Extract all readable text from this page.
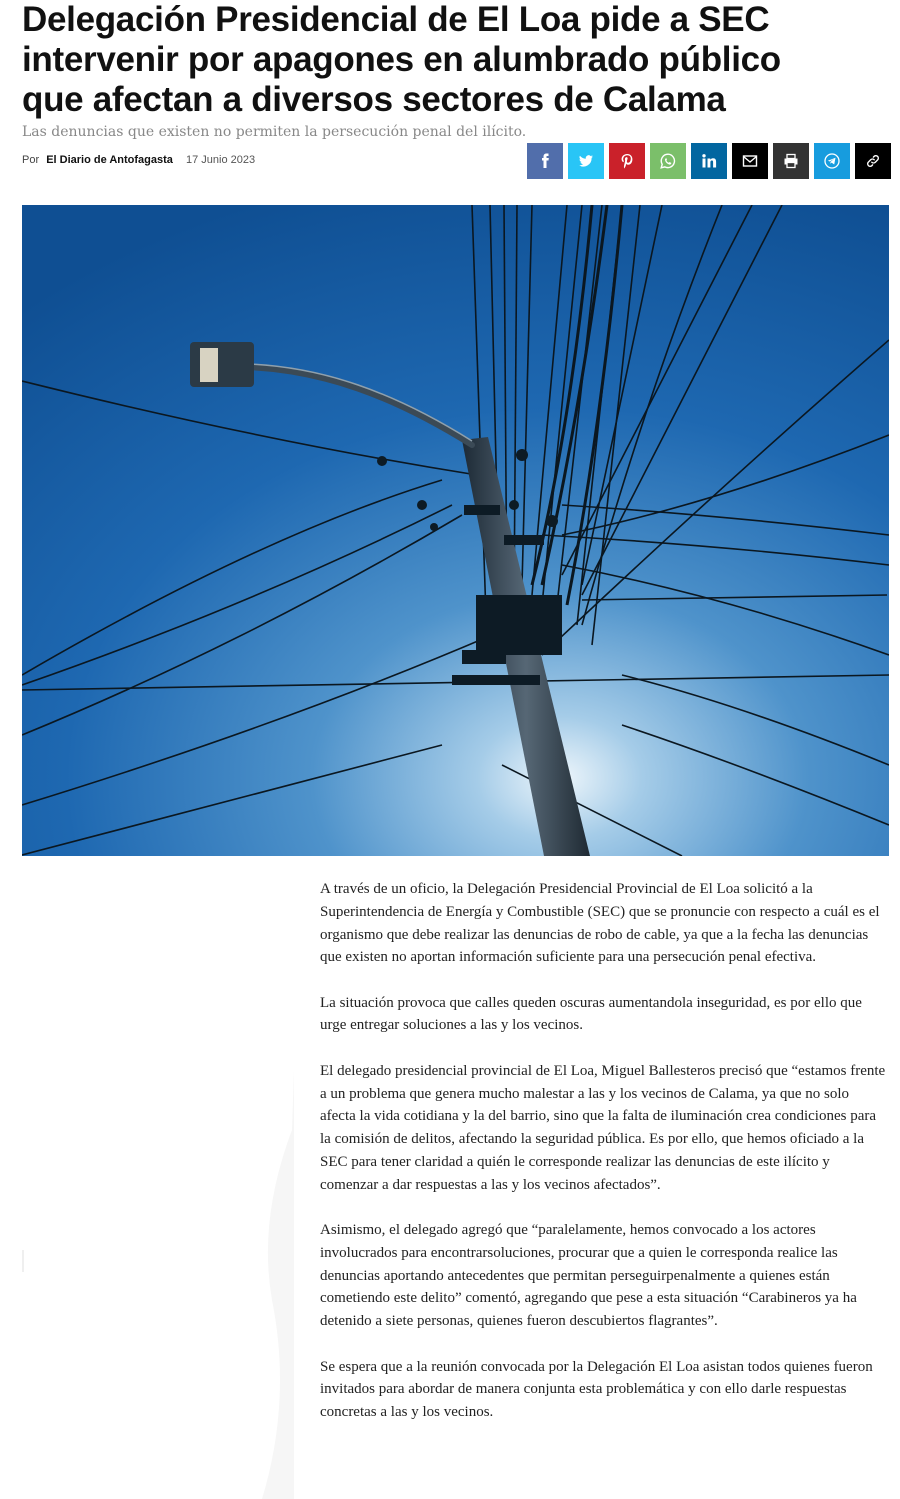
Delegación Presidencial de El Loa pide a SEC intervenir por apagones en alumbrado público que afectan a diversos sectores de Calama

Las denuncias que existen no permiten la persecución penal del ilícito.

Por El Diario de Antofagasta 17 Junio 2023

A través de un oficio, la Delegación Presidencial Provincial de El Loa solicitó a la Superintendencia de Energía y Combustible (SEC) que se pronuncie con respecto a cuál es el organismo que debe realizar las denuncias de robo de cable, ya que a la fecha las denuncias que existen no aportan información suficiente para una persecución penal efectiva.

La situación provoca que calles queden oscuras aumentandola inseguridad, es por ello que urge entregar soluciones a las y los vecinos.

El delegado presidencial provincial de El Loa, Miguel Ballesteros precisó que “estamos frente a un problema que genera mucho malestar a las y los vecinos de Calama, ya que no solo afecta la vida cotidiana y la del barrio, sino que la falta de iluminación crea condiciones para la comisión de delitos, afectando la seguridad pública. Es por ello, que hemos oficiado a la SEC para tener claridad a quién le corresponde realizar las denuncias de este ilícito y comenzar a dar respuestas a las y los vecinos afectados”.

Asimismo, el delegado agregó que “paralelamente, hemos convocado a los actores involucrados para encontrarsoluciones, procurar que a quien le corresponda realice las denuncias aportando antecedentes que permitan perseguirpenalmente a quienes están cometiendo este delito” comentó, agregando que pese a esta situación “Carabineros ya ha detenido a siete personas, quienes fueron descubiertos flagrantes”.

Se espera que a la reunión convocada por la Delegación El Loa asistan todos quienes fueron invitados para abordar de manera conjunta esta problemática y con ello darle respuestas concretas a las y los vecinos.
